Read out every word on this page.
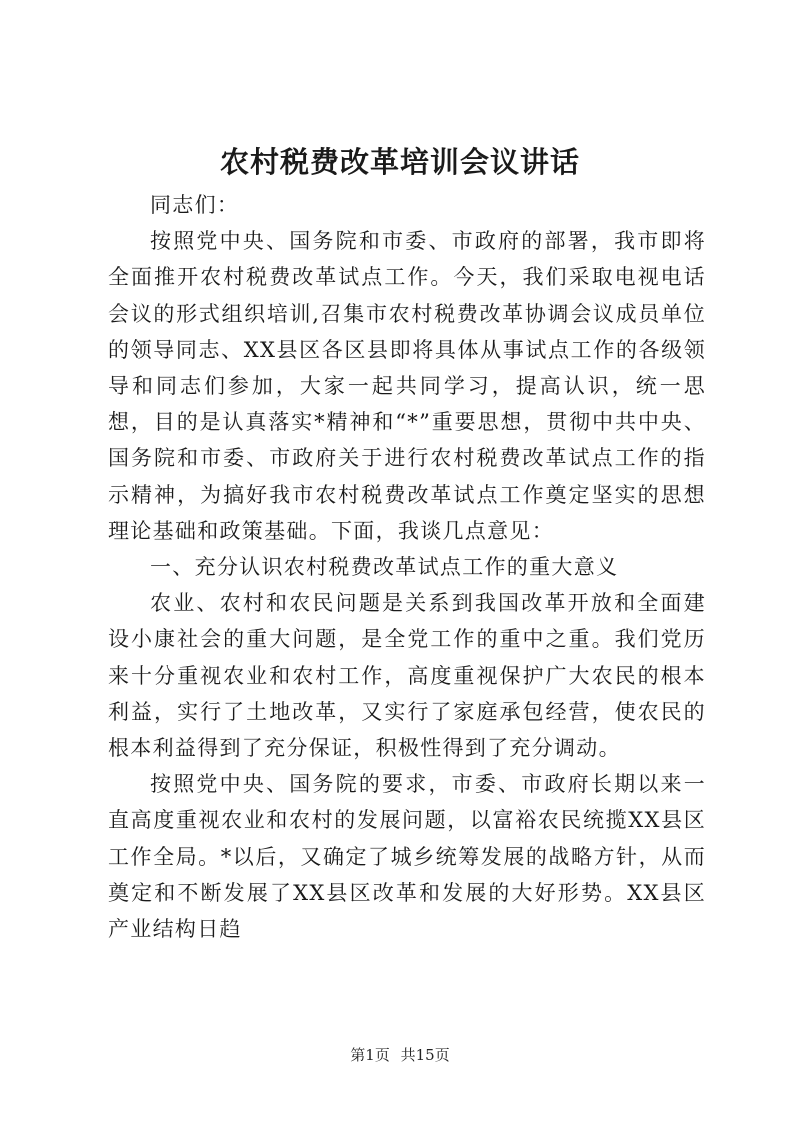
农村税费改革培训会议讲话

同志们：

按照党中央、国务院和市委、市政府的部署，我市即将全面推开农村税费改革试点工作。今天，我们采取电视电话会议的形式组织培训,召集市农村税费改革协调会议成员单位的领导同志、XX县区各区县即将具体从事试点工作的各级领导和同志们参加，大家一起共同学习，提高认识，统一思想，目的是认真落实*精神和“*”重要思想，贯彻中共中央、国务院和市委、市政府关于进行农村税费改革试点工作的指示精神，为搞好我市农村税费改革试点工作奠定坚实的思想理论基础和政策基础。下面，我谈几点意见：

一、充分认识农村税费改革试点工作的重大意义

农业、农村和农民问题是关系到我国改革开放和全面建设小康社会的重大问题，是全党工作的重中之重。我们党历来十分重视农业和农村工作，高度重视保护广大农民的根本利益，实行了土地改革，又实行了家庭承包经营，使农民的根本利益得到了充分保证，积极性得到了充分调动。

按照党中央、国务院的要求，市委、市政府长期以来一直高度重视农业和农村的发展问题，以富裕农民统揽XX县区工作全局。*以后，又确定了城乡统筹发展的战略方针，从而奠定和不断发展了XX县区改革和发展的大好形势。XX县区产业结构日趋

第1页 共15页
